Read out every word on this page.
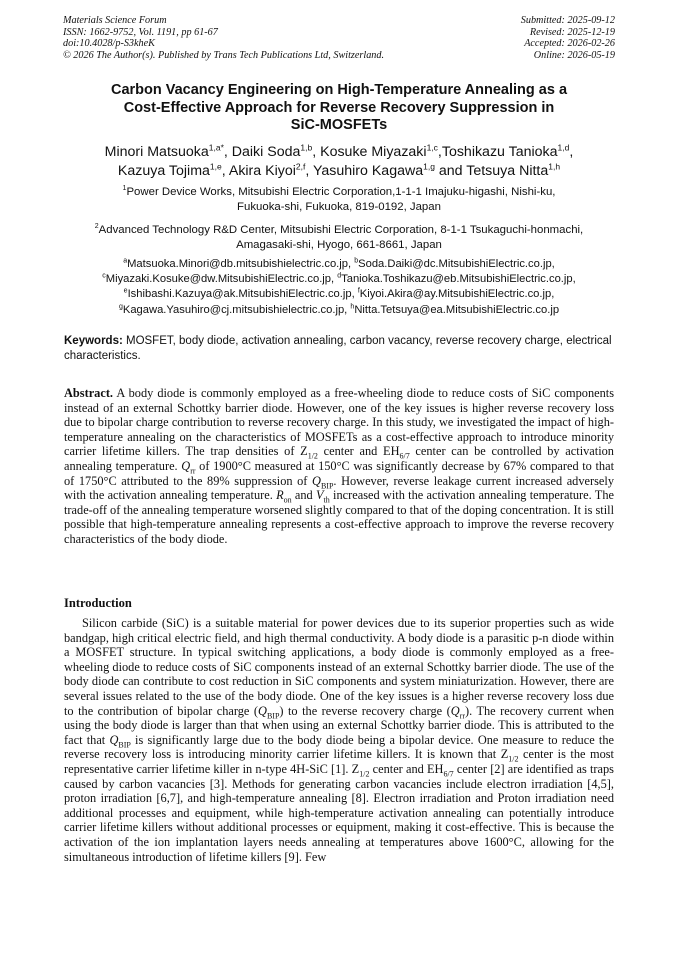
Materials Science Forum
ISSN: 1662-9752, Vol. 1191, pp 61-67
doi:10.4028/p-S3kheK
© 2026 The Author(s). Published by Trans Tech Publications Ltd, Switzerland.
Submitted: 2025-09-12
Revised: 2025-12-19
Accepted: 2026-02-26
Online: 2026-05-19
Carbon Vacancy Engineering on High-Temperature Annealing as a
Cost-Effective Approach for Reverse Recovery Suppression in
SiC-MOSFETs
Minori Matsuoka$^{1,a*}$, Daiki Soda$^{1,b}$, Kosuke Miyazaki$^{1,c}$,Toshikazu Tanioka$^{1,d}$,
Kazuya Tojima$^{1,e}$, Akira Kiyoi$^{2,f}$, Yasuhiro Kagawa$^{1,g}$ and Tetsuya Nitta$^{1,h}$
$^1$Power Device Works, Mitsubishi Electric Corporation,1-1-1 Imajuku-higashi, Nishi-ku,
Fukuoka-shi, Fukuoka, 819-0192, Japan
$^2$Advanced Technology R&D Center, Mitsubishi Electric Corporation, 8-1-1 Tsukaguchi-honmachi,
Amagasaki-shi, Hyogo, 661-8661, Japan
$^a$Matsuoka.Minori@db.mitsubishielectric.co.jp, $^b$Soda.Daiki@dc.MitsubishiElectric.co.jp,
$^c$Miyazaki.Kosuke@dw.MitsubishiElectric.co.jp, $^d$Tanioka.Toshikazu@eb.MitsubishiElectric.co.jp,
$^e$Ishibashi.Kazuya@ak.MitsubishiElectric.co.jp, $^f$Kiyoi.Akira@ay.MitsubishiElectric.co.jp,
$^g$Kagawa.Yasuhiro@cj.mitsubishielectric.co.jp, $^h$Nitta.Tetsuya@ea.MitsubishiElectric.co.jp
Keywords: MOSFET, body diode, activation annealing, carbon vacancy, reverse recovery charge, electrical characteristics.
Abstract. A body diode is commonly employed as a free-wheeling diode to reduce costs of SiC components instead of an external Schottky barrier diode. However, one of the key issues is higher reverse recovery loss due to bipolar charge contribution to reverse recovery charge. In this study, we investigated the impact of high-temperature annealing on the characteristics of MOSFETs as a cost-effective approach to introduce minority carrier lifetime killers. The trap densities of $Z_{1/2}$ center and $EH_{6/7}$ center can be controlled by activation annealing temperature. $Q_{rr}$ of 1900°C measured at 150°C was significantly decrease by 67% compared to that of 1750°C attributed to the 89% suppression of $Q_{BIP}$. However, reverse leakage current increased adversely with the activation annealing temperature. $R_{on}$ and $V_{th}$ increased with the activation annealing temperature. The trade-off of the annealing temperature worsened slightly compared to that of the doping concentration. It is still possible that high-temperature annealing represents a cost-effective approach to improve the reverse recovery characteristics of the body diode.
Introduction
Silicon carbide (SiC) is a suitable material for power devices due to its superior properties such as wide bandgap, high critical electric field, and high thermal conductivity. A body diode is a parasitic p-n diode within a MOSFET structure. In typical switching applications, a body diode is commonly employed as a free-wheeling diode to reduce costs of SiC components instead of an external Schottky barrier diode. The use of the body diode can contribute to cost reduction in SiC components and system miniaturization. However, there are several issues related to the use of the body diode. One of the key issues is a higher reverse recovery loss due to the contribution of bipolar charge $(Q_{BIP})$ to the reverse recovery charge $(Q_{rr})$. The recovery current when using the body diode is larger than that when using an external Schottky barrier diode. This is attributed to the fact that $Q_{BIP}$ is significantly large due to the body diode being a bipolar device. One measure to reduce the reverse recovery loss is introducing minority carrier lifetime killers. It is known that $Z_{1/2}$ center is the most representative carrier lifetime killer in n-type 4H-SiC [1]. $Z_{1/2}$ center and $EH_{6/7}$ center [2] are identified as traps caused by carbon vacancies [3]. Methods for generating carbon vacancies include electron irradiation [4,5], proton irradiation [6,7], and high-temperature annealing [8]. Electron irradiation and Proton irradiation need additional processes and equipment, while high-temperature activation annealing can potentially introduce carrier lifetime killers without additional processes or equipment, making it cost-effective. This is because the activation of the ion implantation layers needs annealing at temperatures above 1600°C, allowing for the simultaneous introduction of lifetime killers [9]. Few
